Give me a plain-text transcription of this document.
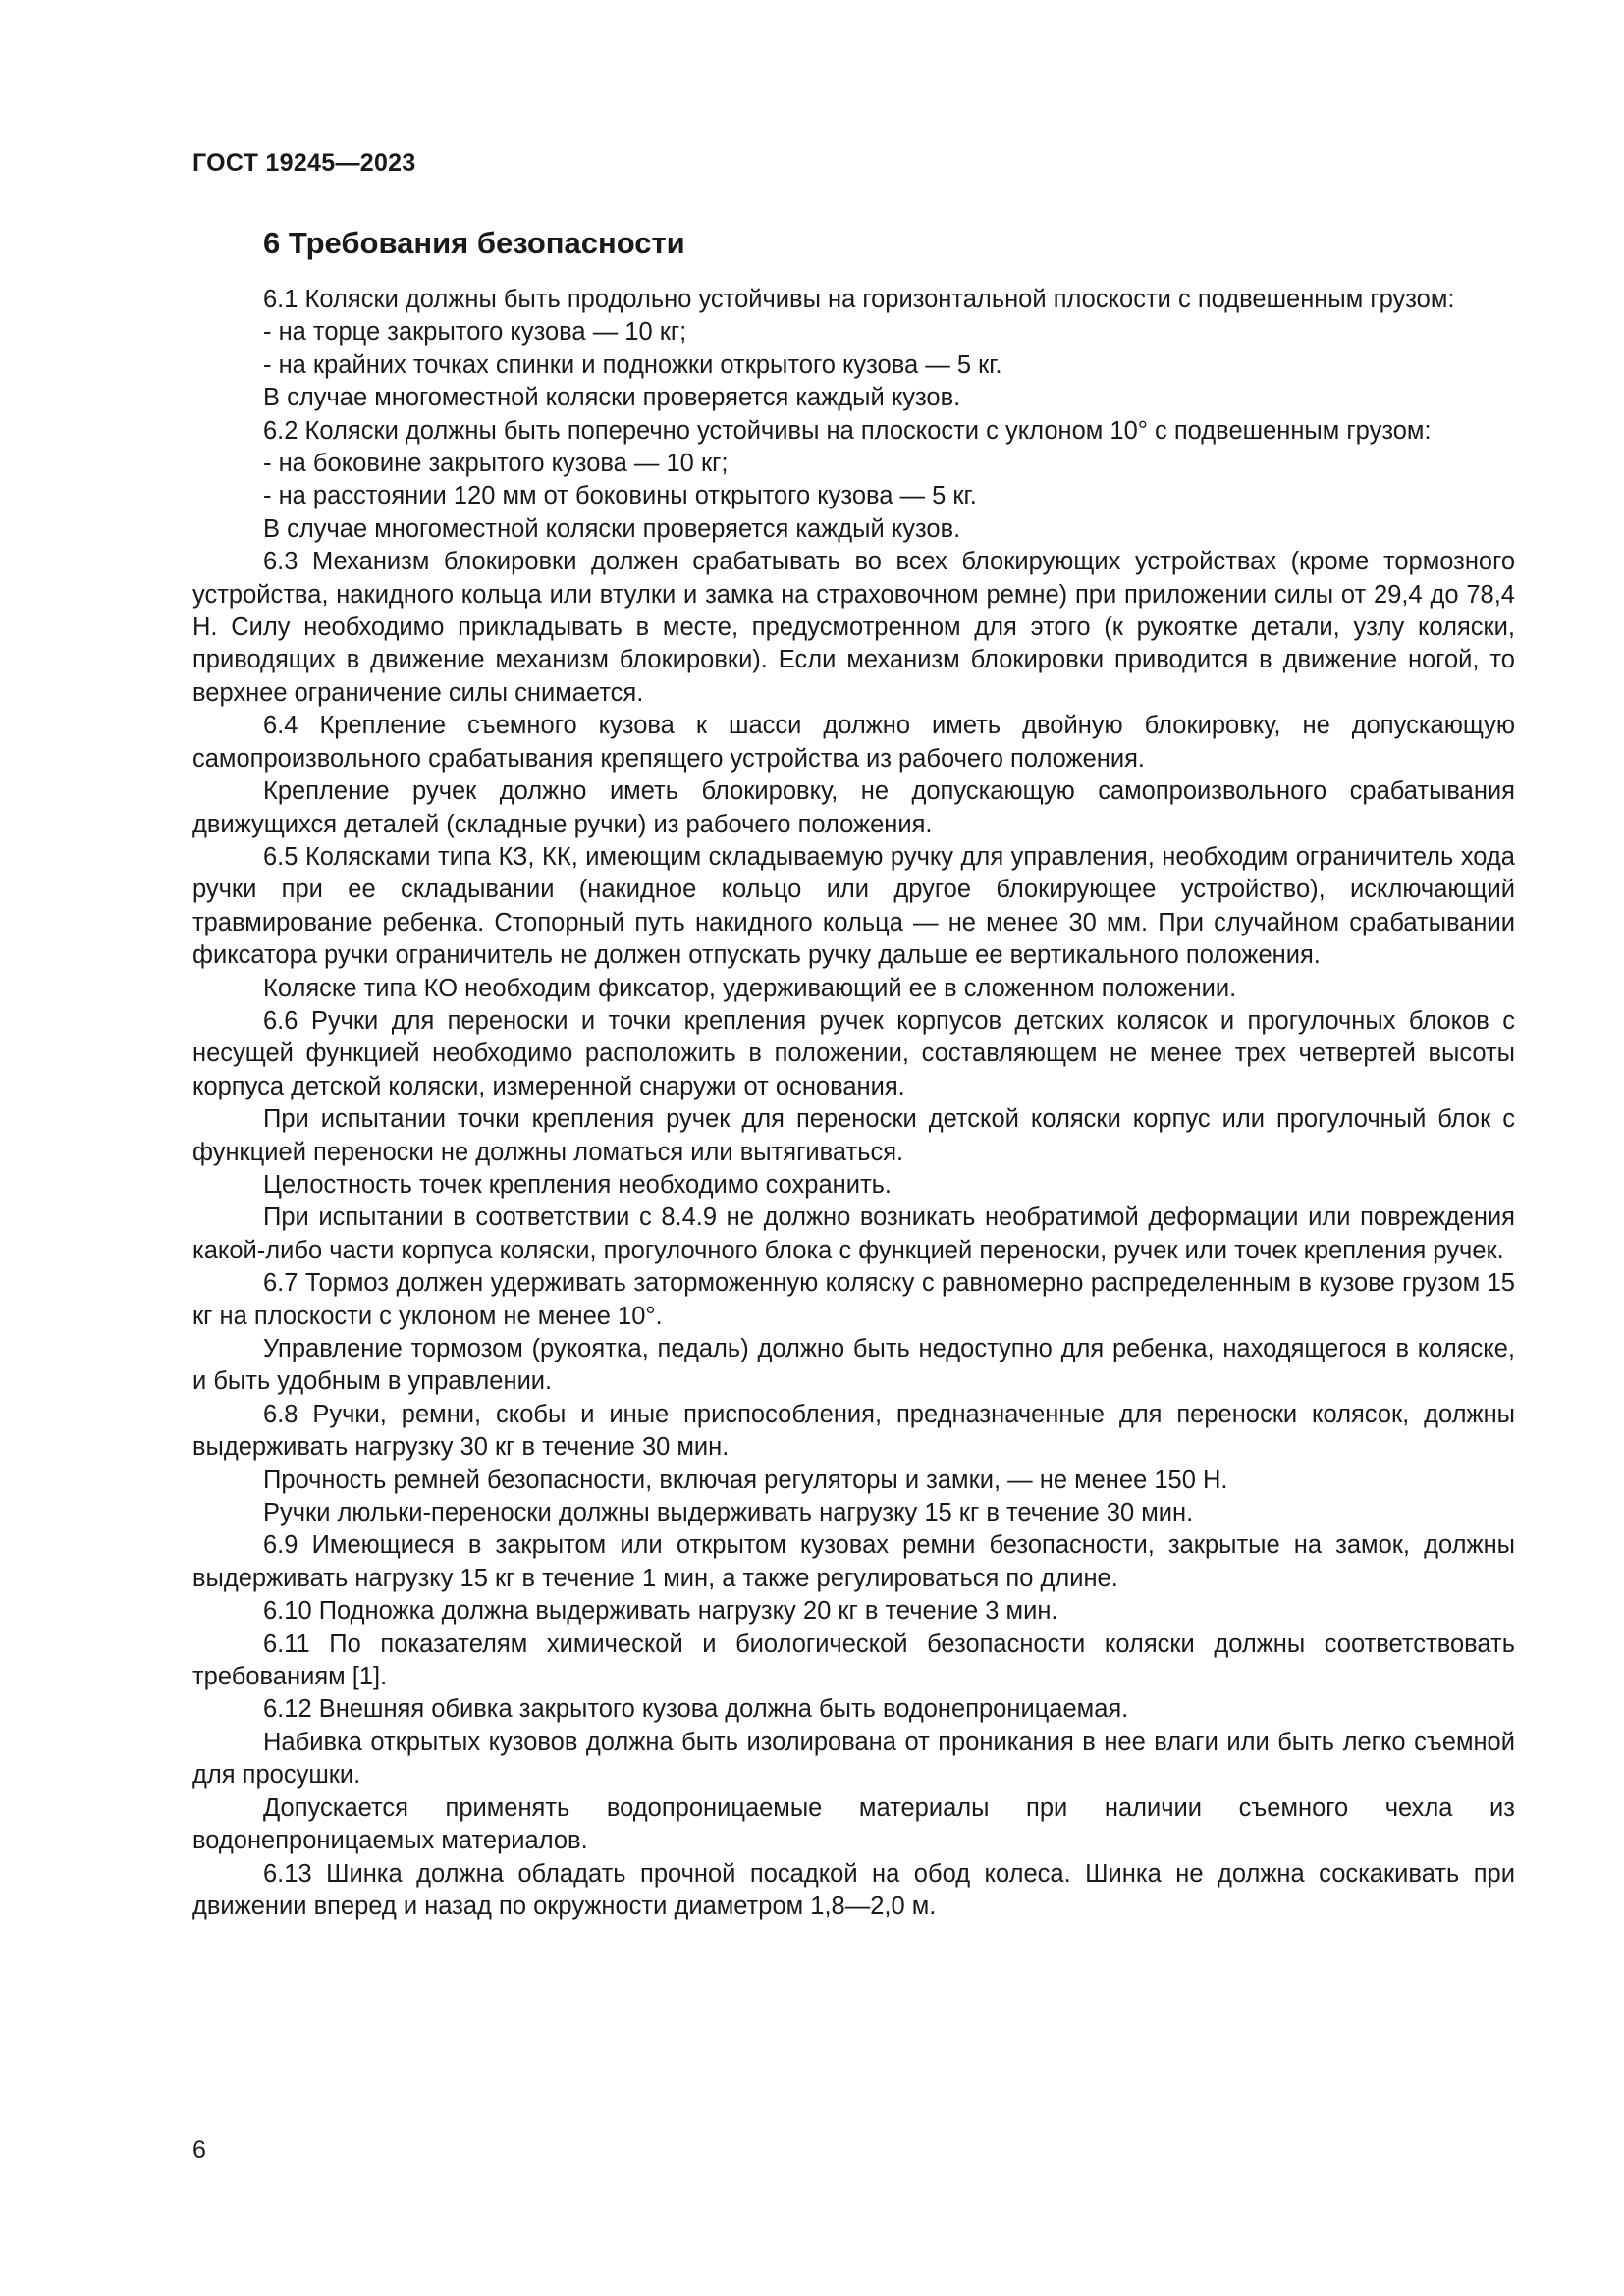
ГОСТ 19245—2023
6 Требования безопасности

6.1 Коляски должны быть продольно устойчивы на горизонтальной плоскости с подвешенным грузом:

- на торце закрытого кузова — 10 кг;

- на крайних точках спинки и подножки открытого кузова — 5 кг.

В случае многоместной коляски проверяется каждый кузов.

6.2 Коляски должны быть поперечно устойчивы на плоскости с уклоном 10° с подвешенным грузом:

- на боковине закрытого кузова — 10 кг;

- на расстоянии 120 мм от боковины открытого кузова — 5 кг.

В случае многоместной коляски проверяется каждый кузов.

6.3 Механизм блокировки должен срабатывать во всех блокирующих устройствах (кроме тормозного устройства, накидного кольца или втулки и замка на страховочном ремне) при приложении силы от 29,4 до 78,4 Н. Силу необходимо прикладывать в месте, предусмотренном для этого (к рукоятке детали, узлу коляски, приводящих в движение механизм блокировки). Если механизм блокировки приводится в движение ногой, то верхнее ограничение силы снимается.

6.4 Крепление съемного кузова к шасси должно иметь двойную блокировку, не допускающую самопроизвольного срабатывания крепящего устройства из рабочего положения.

Крепление ручек должно иметь блокировку, не допускающую самопроизвольного срабатывания движущихся деталей (складные ручки) из рабочего положения.

6.5 Колясками типа КЗ, КК, имеющим складываемую ручку для управления, необходим ограничитель хода ручки при ее складывании (накидное кольцо или другое блокирующее устройство), исключающий травмирование ребенка. Стопорный путь накидного кольца — не менее 30 мм. При случайном срабатывании фиксатора ручки ограничитель не должен отпускать ручку дальше ее вертикального положения.

Коляске типа КО необходим фиксатор, удерживающий ее в сложенном положении.

6.6 Ручки для переноски и точки крепления ручек корпусов детских колясок и прогулочных блоков с несущей функцией необходимо расположить в положении, составляющем не менее трех четвертей высоты корпуса детской коляски, измеренной снаружи от основания.

При испытании точки крепления ручек для переноски детской коляски корпус или прогулочный блок с функцией переноски не должны ломаться или вытягиваться.

Целостность точек крепления необходимо сохранить.

При испытании в соответствии с 8.4.9 не должно возникать необратимой деформации или повреждения какой-либо части корпуса коляски, прогулочного блока с функцией переноски, ручек или точек крепления ручек.

6.7 Тормоз должен удерживать заторможенную коляску с равномерно распределенным в кузове грузом 15 кг на плоскости с уклоном не менее 10°.

Управление тормозом (рукоятка, педаль) должно быть недоступно для ребенка, находящегося в коляске, и быть удобным в управлении.

6.8 Ручки, ремни, скобы и иные приспособления, предназначенные для переноски колясок, должны выдерживать нагрузку 30 кг в течение 30 мин.

Прочность ремней безопасности, включая регуляторы и замки, — не менее 150 Н.

Ручки люльки-переноски должны выдерживать нагрузку 15 кг в течение 30 мин.

6.9 Имеющиеся в закрытом или открытом кузовах ремни безопасности, закрытые на замок, должны выдерживать нагрузку 15 кг в течение 1 мин, а также регулироваться по длине.

6.10 Подножка должна выдерживать нагрузку 20 кг в течение 3 мин.

6.11 По показателям химической и биологической безопасности коляски должны соответствовать требованиям [1].

6.12 Внешняя обивка закрытого кузова должна быть водонепроницаемая.

Набивка открытых кузовов должна быть изолирована от проникания в нее влаги или быть легко съемной для просушки.

Допускается применять водопроницаемые материалы при наличии съемного чехла из водонепроницаемых материалов.

6.13 Шинка должна обладать прочной посадкой на обод колеса. Шинка не должна соскакивать при движении вперед и назад по окружности диаметром 1,8—2,0 м.

6
